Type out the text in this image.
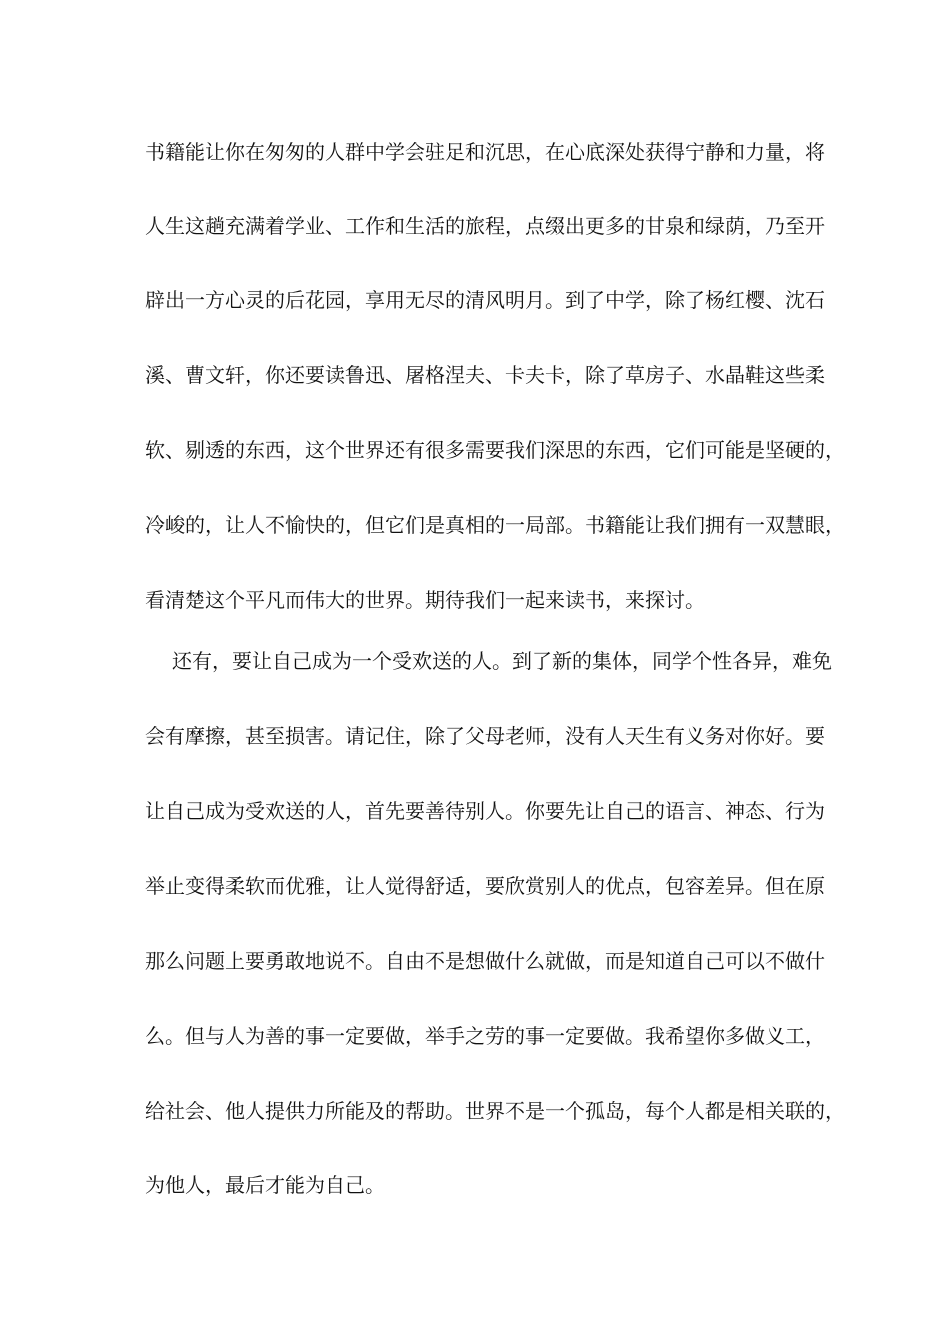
书籍能让你在匆匆的人群中学会驻足和沉思，在心底深处获得宁静和力量，将
人生这趟充满着学业、工作和生活的旅程，点缀出更多的甘泉和绿荫，乃至开
辟出一方心灵的后花园，享用无尽的清风明月。到了中学，除了杨红樱、沈石
溪、曹文轩，你还要读鲁迅、屠格涅夫、卡夫卡，除了草房子、水晶鞋这些柔
软、剔透的东西，这个世界还有很多需要我们深思的东西，它们可能是坚硬的，
冷峻的，让人不愉快的，但它们是真相的一局部。书籍能让我们拥有一双慧眼，
看清楚这个平凡而伟大的世界。期待我们一起来读书，来探讨。
还有，要让自己成为一个受欢送的人。到了新的集体，同学个性各异，难免
会有摩擦，甚至损害。请记住，除了父母老师，没有人天生有义务对你好。要
让自己成为受欢送的人，首先要善待别人。你要先让自己的语言、神态、行为
举止变得柔软而优雅，让人觉得舒适，要欣赏别人的优点，包容差异。但在原
那么问题上要勇敢地说不。自由不是想做什么就做，而是知道自己可以不做什
么。但与人为善的事一定要做，举手之劳的事一定要做。我希望你多做义工，
给社会、他人提供力所能及的帮助。世界不是一个孤岛，每个人都是相关联的，
为他人，最后才能为自己。
